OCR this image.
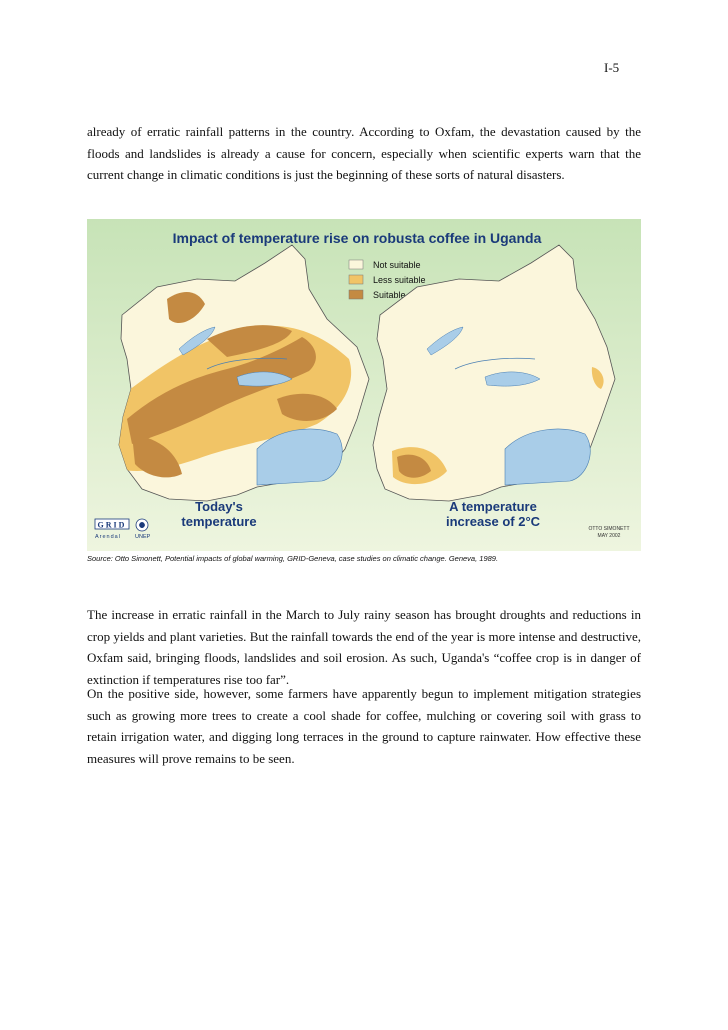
I-5

already of erratic rainfall patterns in the country. According to Oxfam, the devastation caused by the floods and landslides is already a cause for concern, especially when scientific experts warn that the current change in climatic conditions is just the beginning of these sorts of natural disasters.

Impact of temperature rise on robusta coffee in Uganda
Not suitable
Less suitable
Suitable
Today's
temperature
A temperature
increase of 2°C
GRID
Arendal	UNEP
OTTO SIMONETT
MAY 2002
Source: Otto Simonett, Potential impacts of global warming, GRID-Geneva, case studies on climatic change. Geneva, 1989.

The increase in erratic rainfall in the March to July rainy season has brought droughts and reductions in crop yields and plant varieties. But the rainfall towards the end of the year is more intense and destructive, Oxfam said, bringing floods, landslides and soil erosion. As such, Uganda's “coffee crop is in danger of extinction if temperatures rise too far”.

On the positive side, however, some farmers have apparently begun to implement mitigation strategies such as growing more trees to create a cool shade for coffee, mulching or covering soil with grass to retain irrigation water, and digging long terraces in the ground to capture rainwater. How effective these measures will prove remains to be seen.
